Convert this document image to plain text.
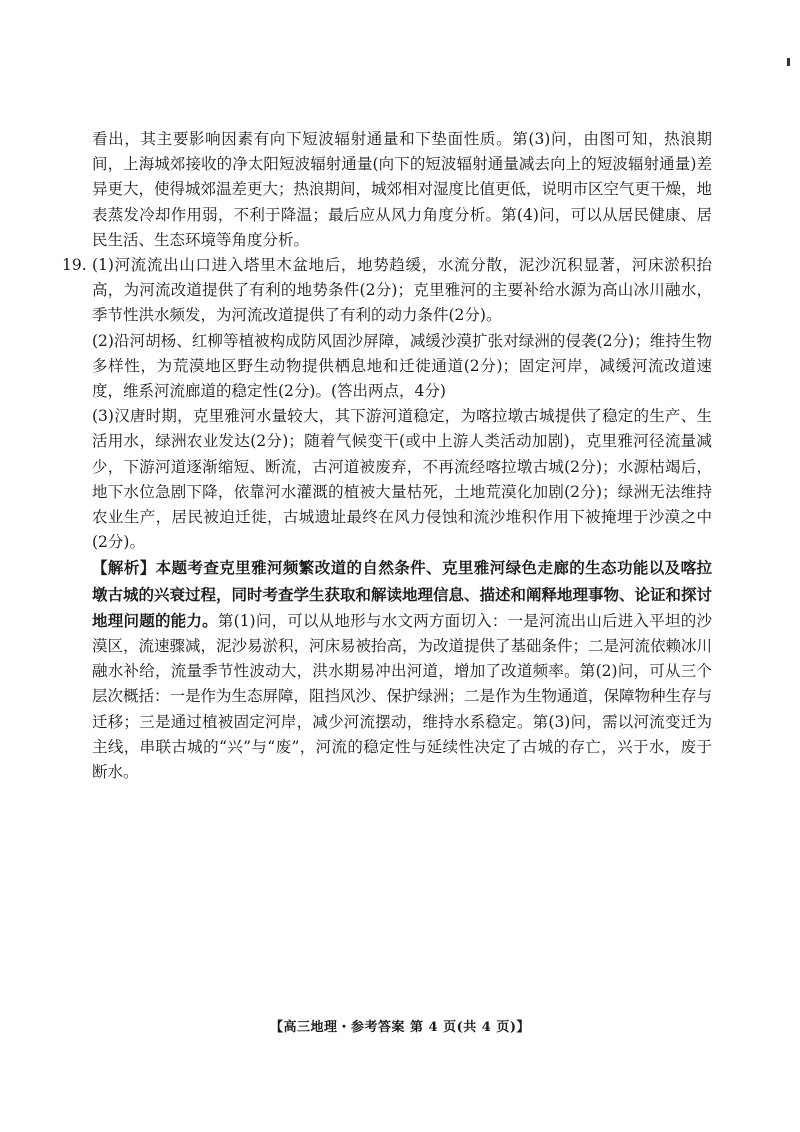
看出，其主要影响因素有向下短波辐射通量和下垫面性质。第(3)问，由图可知，热浪期间，上海城郊接收的净太阳短波辐射通量(向下的短波辐射通量减去向上的短波辐射通量)差异更大，使得城郊温差更大；热浪期间，城郊相对湿度比值更低，说明市区空气更干燥，地表蒸发冷却作用弱，不利于降温；最后应从风力角度分析。第(4)问，可以从居民健康、居民生活、生态环境等角度分析。

19. (1)河流流出山口进入塔里木盆地后，地势趋缓，水流分散，泥沙沉积显著，河床淤积抬高，为河流改道提供了有利的地势条件(2分)；克里雅河的主要补给水源为高山冰川融水，季节性洪水频发，为河流改道提供了有利的动力条件(2分)。

(2)沿河胡杨、红柳等植被构成防风固沙屏障，减缓沙漠扩张对绿洲的侵袭(2分)；维持生物多样性，为荒漠地区野生动物提供栖息地和迁徙通道(2分)；固定河岸，减缓河流改道速度，维系河流廊道的稳定性(2分)。(答出两点，4分)

(3)汉唐时期，克里雅河水量较大，其下游河道稳定，为喀拉墩古城提供了稳定的生产、生活用水，绿洲农业发达(2分)；随着气候变干(或中上游人类活动加剧)，克里雅河径流量减少，下游河道逐渐缩短、断流，古河道被废弃，不再流经喀拉墩古城(2分)；水源枯竭后，地下水位急剧下降，依靠河水灌溉的植被大量枯死，土地荒漠化加剧(2分)；绿洲无法维持农业生产，居民被迫迁徙，古城遗址最终在风力侵蚀和流沙堆积作用下被掩埋于沙漠之中(2分)。

【解析】本题考查克里雅河频繁改道的自然条件、克里雅河绿色走廊的生态功能以及喀拉墩古城的兴衰过程，同时考查学生获取和解读地理信息、描述和阐释地理事物、论证和探讨地理问题的能力。第(1)问，可以从地形与水文两方面切入：一是河流出山后进入平坦的沙漠区，流速骤减，泥沙易淤积，河床易被抬高，为改道提供了基础条件；二是河流依赖冰川融水补给，流量季节性波动大，洪水期易冲出河道，增加了改道频率。第(2)问，可从三个层次概括：一是作为生态屏障，阻挡风沙、保护绿洲；二是作为生物通道，保障物种生存与迁移；三是通过植被固定河岸，减少河流摆动，维持水系稳定。第(3)问，需以河流变迁为主线，串联古城的“兴”与“废”，河流的稳定性与延续性决定了古城的存亡，兴于水，废于断水。

【高三地理・参考答案 第 4 页(共 4 页)】
